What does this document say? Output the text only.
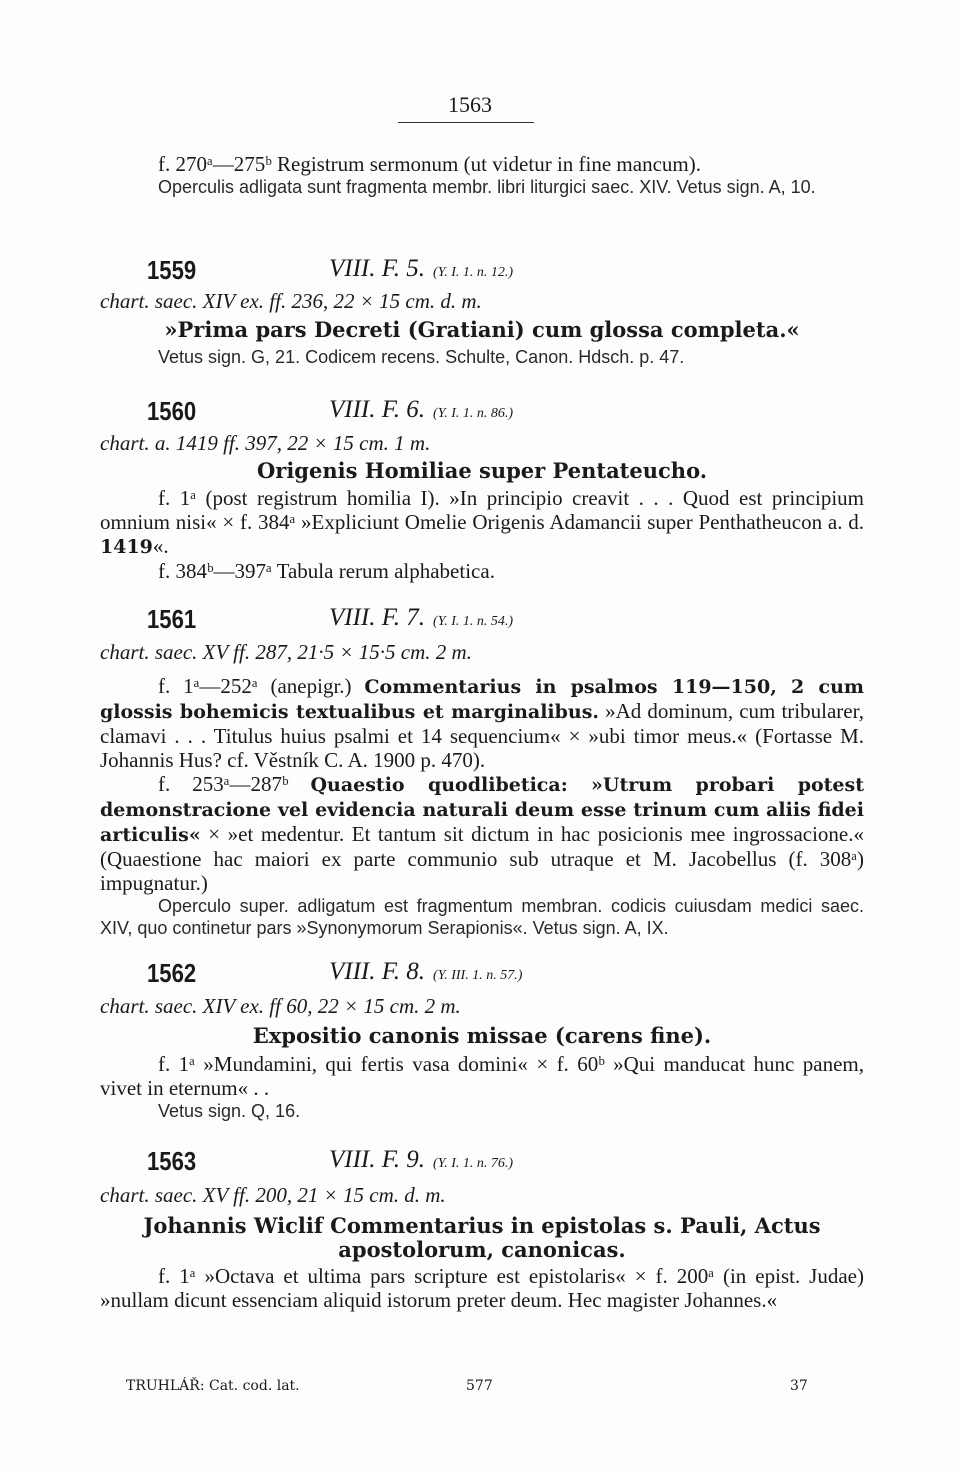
1563

f. 270ᵃ—275ᵇ Registrum sermonum (ut videtur in fine mancum).

Operculis adligata sunt fragmenta membr. libri liturgici saec. XIV. Vetus sign. A, 10.

1559	VIII. F. 5. (Y. I. 1. n. 12.)
chart. saec. XIV ex. ff. 236, 22 × 15 cm. d. m.
»Prima pars Decreti (Gratiani) cum glossa completa.«

Vetus sign. G, 21. Codicem recens. Schulte, Canon. Hdsch. p. 47.

1560	VIII. F. 6. (Y. I. 1. n. 86.)
chart. a. 1419 ff. 397, 22 × 15 cm. 1 m.
Origenis Homiliae super Pentateucho.

f. 1ᵃ (post registrum homilia I). »In principio creavit . . . Quod est principium omnium nisi« × f. 384ᵃ »Expliciunt Omelie Origenis Adamancii super Penthatheucon a. d. 1419«.

f. 384ᵇ—397ᵃ Tabula rerum alphabetica.

1561	VIII. F. 7. (Y. I. 1. n. 54.)
chart. saec. XV ff. 287, 21·5 × 15·5 cm. 2 m.

f. 1ᵃ—252ᵃ (anepigr.) Commentarius in psalmos 119—150, 2 cum glossis bohemicis textualibus et marginalibus. »Ad dominum, cum tribularer, clamavi . . . Titulus huius psalmi et 14 sequencium« × »ubi timor meus.« (Fortasse M. Johannis Hus? cf. Věstník C. A. 1900 p. 470).

f. 253ᵃ—287ᵇ Quaestio quodlibetica: »Utrum probari potest demonstracione vel evidencia naturali deum esse trinum cum aliis fidei articulis« × »et medentur. Et tantum sit dictum in hac posicionis mee ingrossacione.« (Quaestione hac maiori ex parte communio sub utraque et M. Jacobellus (f. 308ᵃ) impugnatur.)

Operculo super. adligatum est fragmentum membran. codicis cuiusdam medici saec. XIV, quo continetur pars »Synonymorum Serapionis«. Vetus sign. A, IX.

1562	VIII. F. 8. (Y. III. 1. n. 57.)
chart. saec. XIV ex. ff 60, 22 × 15 cm. 2 m.
Expositio canonis missae (carens fine).

f. 1ᵃ »Mundamini, qui fertis vasa domini« × f. 60ᵇ »Qui manducat hunc panem, vivet in eternum« . .

Vetus sign. Q, 16.

1563	VIII. F. 9. (Y. I. 1. n. 76.)
chart. saec. XV ff. 200, 21 × 15 cm. d. m.
Johannis Wiclif Commentarius in epistolas s. Pauli, Actus apostolorum, canonicas.

f. 1ᵃ »Octava et ultima pars scripture est epistolaris« × f. 200ᵃ (in epist. Judae) »nullam dicunt essenciam aliquid istorum preter deum. Hec magister Johannes.«

TRUHLÁŘ: Cat. cod. lat.	577	37
